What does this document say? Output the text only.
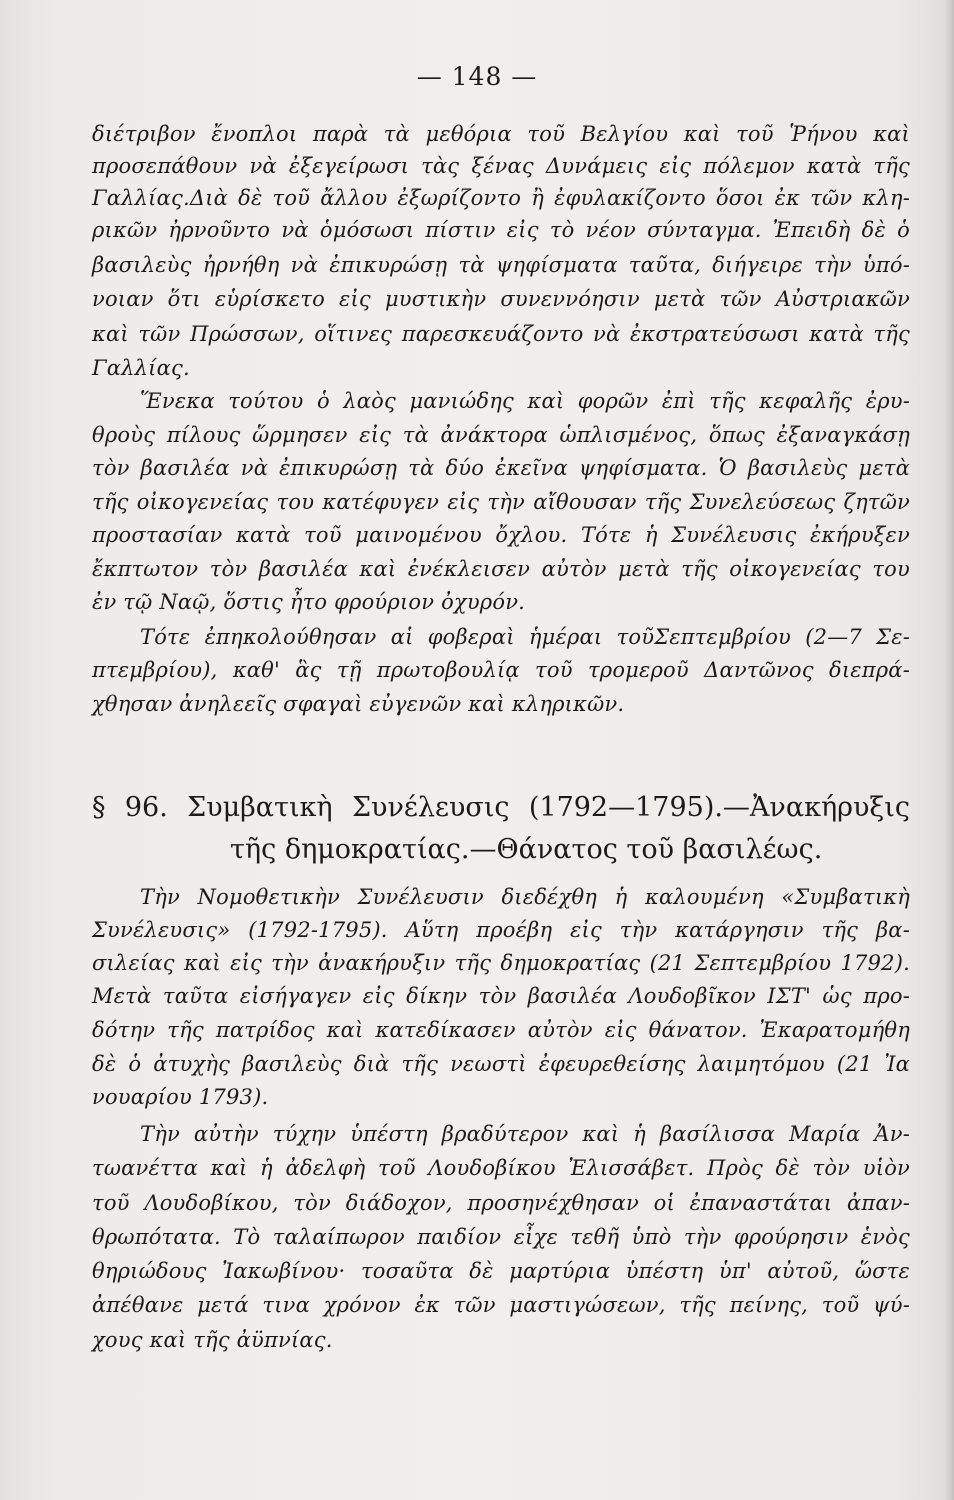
— 148 —
διέτριβον ἔνοπλοι παρὰ τὰ μεθόρια τοῦ Βελγίου καὶ τοῦ Ῥήνου καὶ
προσεπάθουν νὰ ἐξεγείρωσι τὰς ξένας Δυνάμεις εἰς πόλεμον κατὰ τῆς
Γαλλίας.Διὰ δὲ τοῦ ἄλλου ἐξωρίζοντο ἢ ἐφυλακίζοντο ὅσοι ἐκ τῶν κλη-
ρικῶν ἠρνοῦντο νὰ ὁμόσωσι πίστιν εἰς τὸ νέον σύνταγμα. Ἐπειδὴ δὲ ὁ
βασιλεὺς ἠρνήθη νὰ ἐπικυρώσῃ τὰ ψηφίσματα ταῦτα, διήγειρε τὴν ὑπό-
νοιαν ὅτι εὑρίσκετο εἰς μυστικὴν συνεννόησιν μετὰ τῶν Αὐστριακῶν
καὶ τῶν Πρώσσων, οἵτινες παρεσκευάζοντο νὰ ἐκστρατεύσωσι κατὰ τῆς
Γαλλίας.
Ἕνεκα τούτου ὁ λαὸς μανιώδης καὶ φορῶν ἐπὶ τῆς κεφαλῆς ἐρυ-
θροὺς πίλους ὥρμησεν εἰς τὰ ἀνάκτορα ὡπλισμένος, ὅπως ἐξαναγκάσῃ
τὸν βασιλέα νὰ ἐπικυρώσῃ τὰ δύο ἐκεῖνα ψηφίσματα. Ὁ βασιλεὺς μετὰ
τῆς οἰκογενείας του κατέφυγεν εἰς τὴν αἴθουσαν τῆς Συνελεύσεως ζητῶν
προστασίαν κατὰ τοῦ μαινομένου ὄχλου. Τότε ἡ Συνέλευσις ἐκήρυξεν
ἔκπτωτον τὸν βασιλέα καὶ ἐνέκλεισεν αὐτὸν μετὰ τῆς οἰκογενείας του
ἐν τῷ Ναῷ, ὅστις ἦτο φρούριον ὀχυρόν.
Τότε ἐπηκολούθησαν αἱ φοβεραὶ ἡμέραι τοῦΣεπτεμβρίου (2—7 Σε-
πτεμβρίου), καθ' ἃς τῇ πρωτοβουλίᾳ τοῦ τρομεροῦ Δαντῶνος διεπρά-
χθησαν ἀνηλεεῖς σφαγαὶ εὐγενῶν καὶ κληρικῶν.
§ 96. Συμβατικὴ Συνέλευσις (1792—1795).—Ἀνακήρυξις
τῆς δημοκρατίας.—Θάνατος τοῦ βασιλέως.
Τὴν Νομοθετικὴν Συνέλευσιν διεδέχθη ἡ καλουμένη «Συμβατικὴ
Συνέλευσις» (1792-1795). Αὕτη προέβη εἰς τὴν κατάργησιν τῆς βα-
σιλείας καὶ εἰς τὴν ἀνακήρυξιν τῆς δημοκρατίας (21 Σεπτεμβρίου 1792).
Μετὰ ταῦτα εἰσήγαγεν εἰς δίκην τὸν βασιλέα Λουδοβῖκον ΙΣΤ' ὡς προ-
δότην τῆς πατρίδος καὶ κατεδίκασεν αὐτὸν εἰς θάνατον. Ἐκαρατομήθη
δὲ ὁ ἀτυχὴς βασιλεὺς διὰ τῆς νεωστὶ ἐφευρεθείσης λαιμητόμου (21 Ἰα
νουαρίου 1793).
Τὴν αὐτὴν τύχην ὑπέστη βραδύτερον καὶ ἡ βασίλισσα Μαρία Ἀν-
τωανέττα καὶ ἡ ἀδελφὴ τοῦ Λουδοβίκου Ἐλισσάβετ. Πρὸς δὲ τὸν υἱὸν
τοῦ Λουδοβίκου, τὸν διάδοχον, προσηνέχθησαν οἱ ἐπαναστάται ἀπαν-
θρωπότατα. Τὸ ταλαίπωρον παιδίον εἶχε τεθῆ ὑπὸ τὴν φρούρησιν ἑνὸς
θηριώδους Ἰακωβίνου· τοσαῦτα δὲ μαρτύρια ὑπέστη ὑπ' αὐτοῦ, ὥστε
ἀπέθανε μετά τινα χρόνον ἐκ τῶν μαστιγώσεων, τῆς πείνης, τοῦ ψύ-
χους καὶ τῆς ἀϋπνίας.
